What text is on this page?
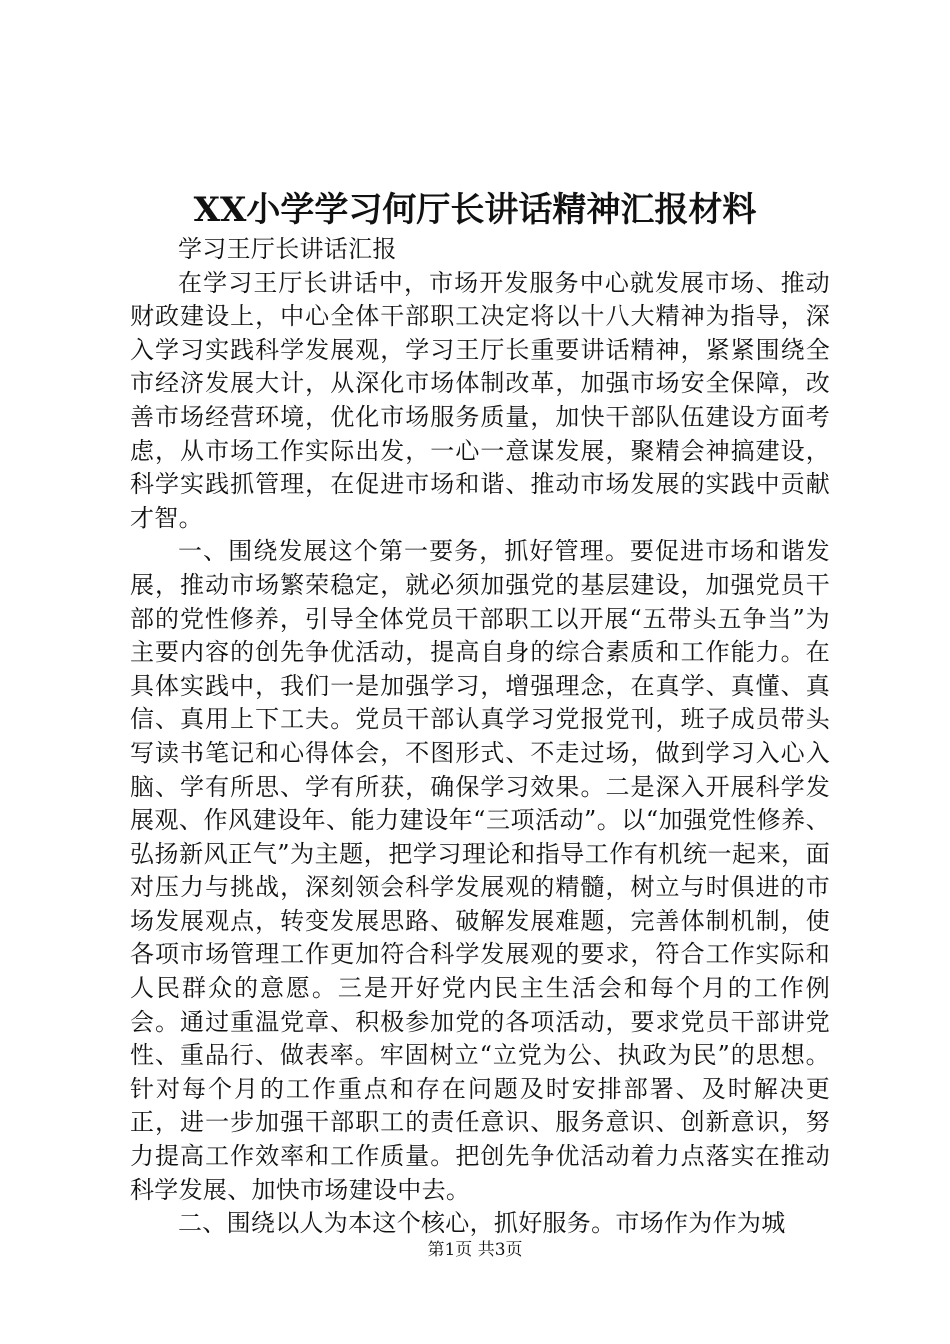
XX小学学习何厅长讲话精神汇报材料

学习王厅长讲话汇报

在学习王厅长讲话中，市场开发服务中心就发展市场、推动财政建设上，中心全体干部职工决定将以十八大精神为指导，深入学习实践科学发展观，学习王厅长重要讲话精神，紧紧围绕全市经济发展大计，从深化市场体制改革，加强市场安全保障，改善市场经营环境，优化市场服务质量，加快干部队伍建设方面考虑，从市场工作实际出发，一心一意谋发展，聚精会神搞建设，科学实践抓管理，在促进市场和谐、推动市场发展的实践中贡献才智。

一、围绕发展这个第一要务，抓好管理。要促进市场和谐发展，推动市场繁荣稳定，就必须加强党的基层建设，加强党员干部的党性修养，引导全体党员干部职工以开展“五带头五争当”为主要内容的创先争优活动，提高自身的综合素质和工作能力。在具体实践中，我们一是加强学习，增强理念，在真学、真懂、真信、真用上下工夫。党员干部认真学习党报党刊，班子成员带头写读书笔记和心得体会，不图形式、不走过场，做到学习入心入脑、学有所思、学有所获，确保学习效果。二是深入开展科学发展观、作风建设年、能力建设年“三项活动”。以“加强党性修养、弘扬新风正气”为主题，把学习理论和指导工作有机统一起来，面对压力与挑战，深刻领会科学发展观的精髓，树立与时俱进的市场发展观点，转变发展思路、破解发展难题，完善体制机制，使各项市场管理工作更加符合科学发展观的要求，符合工作实际和人民群众的意愿。三是开好党内民主生活会和每个月的工作例会。通过重温党章、积极参加党的各项活动，要求党员干部讲党性、重品行、做表率。牢固树立“立党为公、执政为民”的思想。针对每个月的工作重点和存在问题及时安排部署、及时解决更正，进一步加强干部职工的责任意识、服务意识、创新意识，努力提高工作效率和工作质量。把创先争优活动着力点落实在推动科学发展、加快市场建设中去。

二、围绕以人为本这个核心，抓好服务。市场作为作为城

第1页 共3页
